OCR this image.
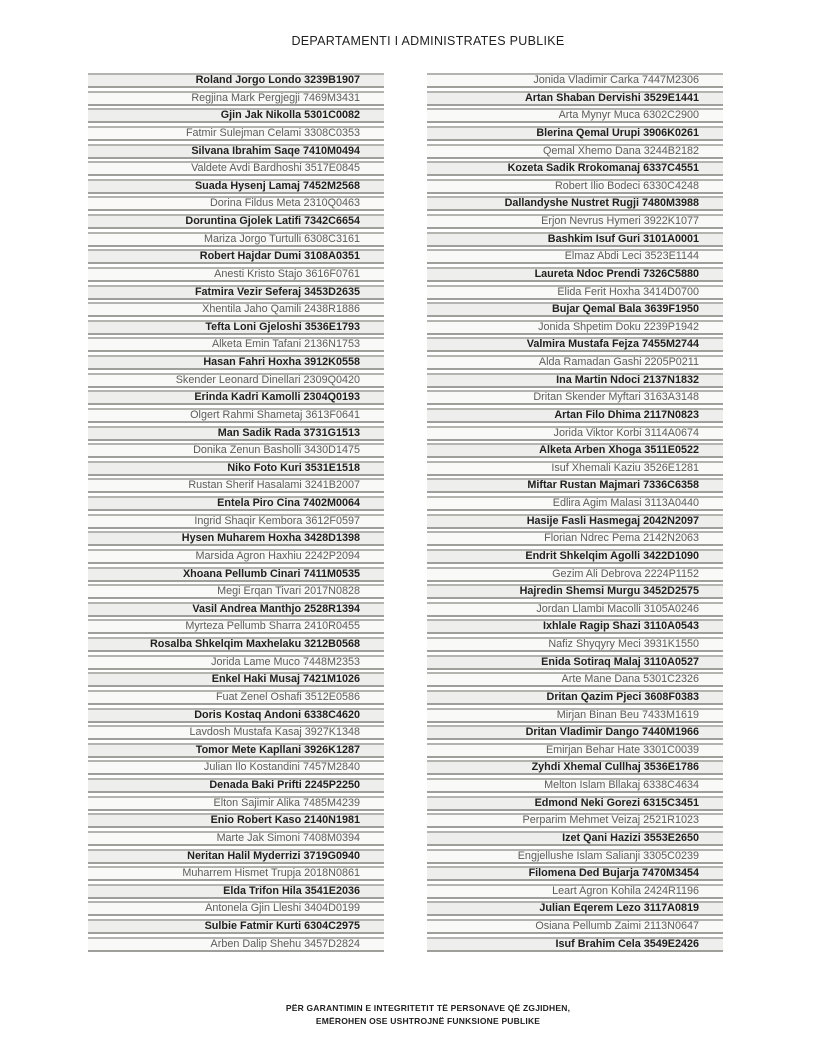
DEPARTAMENTI I ADMINISTRATES PUBLIKE
Roland Jorgo Londo 3239B1907
Regjina Mark Pergjegji 7469M3431
Gjin Jak Nikolla 5301C0082
Fatmir Sulejman Celami 3308C0353
Silvana Ibrahim Saqe 7410M0494
Valdete Avdi Bardhoshi 3517E0845
Suada Hysenj Lamaj 7452M2568
Dorina Fildus Meta 2310Q0463
Doruntina Gjolek Latifi 7342C6654
Mariza Jorgo Turtulli 6308C3161
Robert Hajdar Dumi 3108A0351
Anesti Kristo Stajo 3616F0761
Fatmira Vezir Seferaj 3453D2635
Xhentila Jaho Qamili 2438R1886
Tefta Loni Gjeloshi 3536E1793
Alketa Emin Tafani 2136N1753
Hasan Fahri Hoxha 3912K0558
Skender Leonard Dinellari 2309Q0420
Erinda Kadri Kamolli 2304Q0193
Olgert Rahmi Shametaj 3613F0641
Man Sadik Rada 3731G1513
Donika Zenun Basholli 3430D1475
Niko Foto Kuri 3531E1518
Rustan Sherif Hasalami 3241B2007
Entela Piro Cina 7402M0064
Ingrid Shaqir Kembora 3612F0597
Hysen Muharem Hoxha 3428D1398
Marsida Agron Haxhiu 2242P2094
Xhoana Pellumb Cinari 7411M0535
Megi Erqan Tivari 2017N0828
Vasil Andrea Manthjo 2528R1394
Myrteza Pellumb Sharra 2410R0455
Rosalba Shkelqim Maxhelaku 3212B0568
Jorida Lame Muco 7448M2353
Enkel Haki Musaj 7421M1026
Fuat Zenel Oshafi 3512E0586
Doris Kostaq Andoni 6338C4620
Lavdosh Mustafa Kasaj 3927K1348
Tomor Mete Kapllani 3926K1287
Julian Ilo Kostandini 7457M2840
Denada Baki Prifti 2245P2250
Elton Sajimir Alika 7485M4239
Enio Robert Kaso 2140N1981
Marte Jak Simoni 7408M0394
Neritan Halil Myderrizi 3719G0940
Muharrem Hismet Trupja 2018N0861
Elda Trifon Hila 3541E2036
Antonela Gjin Lleshi 3404D0199
Sulbie Fatmir Kurti 6304C2975
Arben Dalip Shehu 3457D2824
Jonida Vladimir Carka 7447M2306
Artan Shaban Dervishi 3529E1441
Arta Mynyr Muca 6302C2900
Blerina Qemal Urupi 3906K0261
Qemal Xhemo Dana 3244B2182
Kozeta Sadik Rrokomanaj 6337C4551
Robert Ilio Bodeci 6330C4248
Dallandyshe Nustret Rugji 7480M3988
Erjon Nevrus Hymeri 3922K1077
Bashkim Isuf Guri 3101A0001
Elmaz Abdi Leci 3523E1144
Laureta Ndoc Prendi 7326C5880
Elida Ferit Hoxha 3414D0700
Bujar Qemal Bala 3639F1950
Jonida Shpetim Doku 2239P1942
Valmira Mustafa Fejza 7455M2744
Alda Ramadan Gashi 2205P0211
Ina Martin Ndoci 2137N1832
Dritan Skender Myftari 3163A3148
Artan Filo Dhima 2117N0823
Jorida Viktor Korbi 3114A0674
Alketa Arben Xhoga 3511E0522
Isuf Xhemali Kaziu 3526E1281
Miftar Rustan Majmari 7336C6358
Edlira Agim Malasi 3113A0440
Hasije Fasli Hasmegaj 2042N2097
Florian Ndrec Pema 2142N2063
Endrit Shkelqim Agolli 3422D1090
Gezim Ali Debrova 2224P1152
Hajredin Shemsi Murgu 3452D2575
Jordan Llambi Macolli 3105A0246
Ixhlale Ragip Shazi 3110A0543
Nafiz Shyqyry Meci 3931K1550
Enida Sotiraq Malaj 3110A0527
Arte Mane Dana 5301C2326
Dritan Qazim Pjeci 3608F0383
Mirjan Binan Beu 7433M1619
Dritan Vladimir Dango 7440M1966
Emirjan Behar Hate 3301C0039
Zyhdi Xhemal Cullhaj 3536E1786
Melton Islam Bllakaj 6338C4634
Edmond Neki Gorezi 6315C3451
Perparim Mehmet Veizaj 2521R1023
Izet Qani Hazizi 3553E2650
Engjellushe Islam Salianji 3305C0239
Filomena Ded Bujarja 7470M3454
Leart Agron Kohila 2424R1196
Julian Eqerem Lezo 3117A0819
Osiana Pellumb Zaimi 2113N0647
Isuf Brahim Cela 3549E2426
PËR GARANTIMIN E INTEGRITETIT TË PERSONAVE QË ZGJIDHEN,
EMËROHEN OSE USHTROJNË FUNKSIONE PUBLIKE
